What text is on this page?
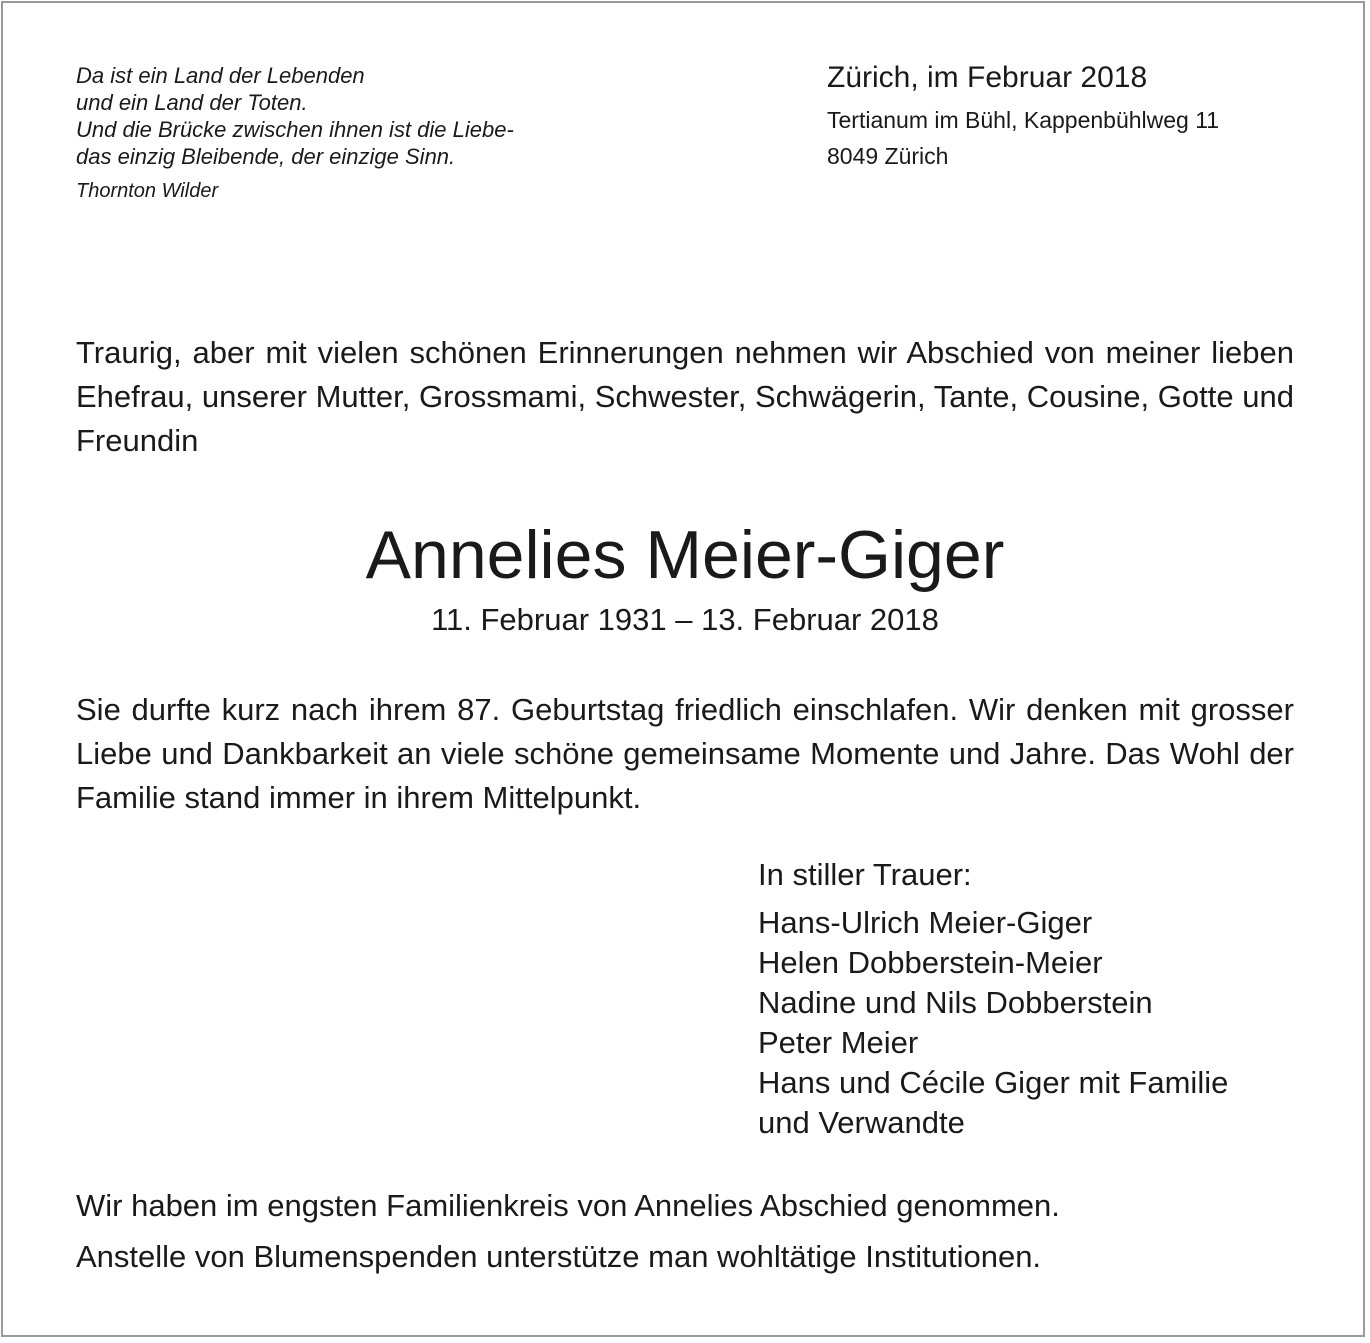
Da ist ein Land der Lebenden
und ein Land der Toten.
Und die Brücke zwischen ihnen ist die Liebe-
das einzig Bleibende, der einzige Sinn.
Thornton Wilder
Zürich, im Februar 2018
Tertianum im Bühl, Kappenbühlweg 11
8049 Zürich
Traurig, aber mit vielen schönen Erinnerungen nehmen wir Abschied von meiner lieben Ehefrau, unserer Mutter, Grossmami, Schwester, Schwägerin, Tante, Cousine, Gotte und Freundin
Annelies Meier-Giger
11. Februar 1931 – 13. Februar 2018
Sie durfte kurz nach ihrem 87. Geburtstag friedlich einschlafen. Wir denken mit grosser Liebe und Dankbarkeit an viele schöne gemeinsame Momente und Jahre. Das Wohl der Familie stand immer in ihrem Mittelpunkt.
In stiller Trauer:
Hans-Ulrich Meier-Giger
Helen Dobberstein-Meier
Nadine und Nils Dobberstein
Peter Meier
Hans und Cécile Giger mit Familie
und Verwandte
Wir haben im engsten Familienkreis von Annelies Abschied genommen.
Anstelle von Blumenspenden unterstütze man wohltätige Institutionen.
